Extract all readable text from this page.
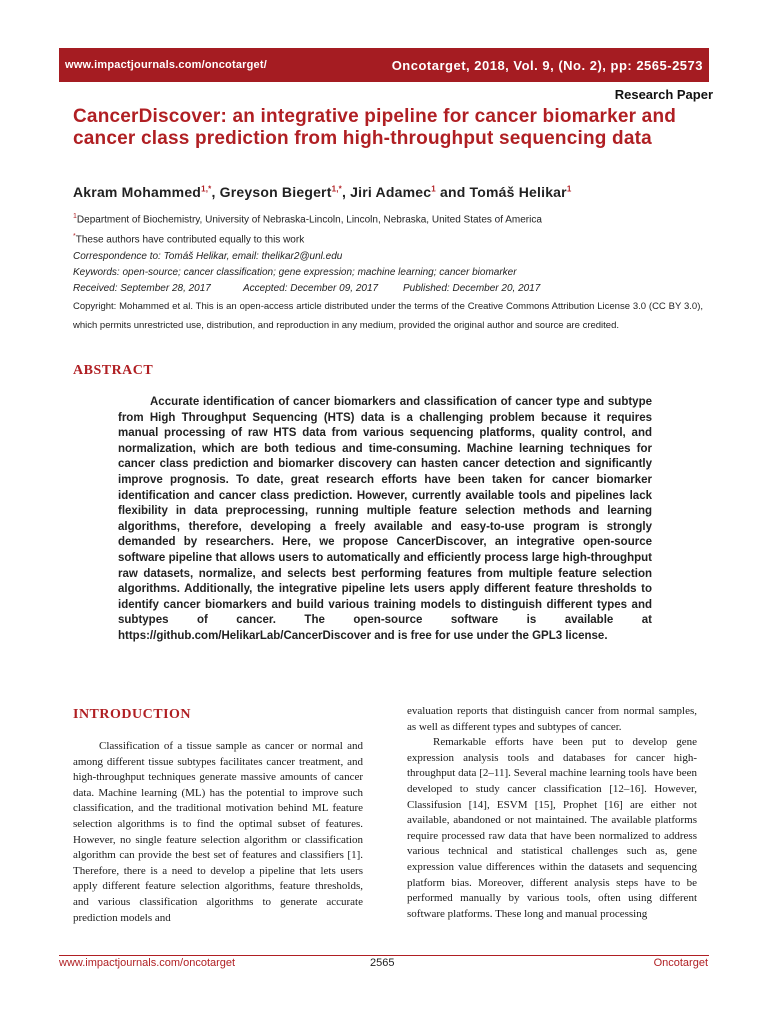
www.impactjournals.com/oncotarget/	Oncotarget, 2018, Vol. 9, (No. 2), pp: 2565-2573
Research Paper
CancerDiscover: an integrative pipeline for cancer biomarker and cancer class prediction from high-throughput sequencing data
Akram Mohammed$^{1,*}$, Greyson Biegert$^{1,*}$, Jiri Adamec$^1$ and Tomáš Helikar$^1$
$^1$Department of Biochemistry, University of Nebraska-Lincoln, Lincoln, Nebraska, United States of America
*These authors have contributed equally to this work
Correspondence to: Tomáš Helikar, email: thelikar2@unl.edu
Keywords: open-source; cancer classification; gene expression; machine learning; cancer biomarker
Received: September 28, 2017	Accepted: December 09, 2017	Published: December 20, 2017
Copyright: Mohammed et al. This is an open-access article distributed under the terms of the Creative Commons Attribution License 3.0 (CC BY 3.0), which permits unrestricted use, distribution, and reproduction in any medium, provided the original author and source are credited.
ABSTRACT
Accurate identification of cancer biomarkers and classification of cancer type and subtype from High Throughput Sequencing (HTS) data is a challenging problem because it requires manual processing of raw HTS data from various sequencing platforms, quality control, and normalization, which are both tedious and time-consuming. Machine learning techniques for cancer class prediction and biomarker discovery can hasten cancer detection and significantly improve prognosis. To date, great research efforts have been taken for cancer biomarker identification and cancer class prediction. However, currently available tools and pipelines lack flexibility in data preprocessing, running multiple feature selection methods and learning algorithms, therefore, developing a freely available and easy-to-use program is strongly demanded by researchers. Here, we propose CancerDiscover, an integrative open-source software pipeline that allows users to automatically and efficiently process large high-throughput raw datasets, normalize, and selects best performing features from multiple feature selection algorithms. Additionally, the integrative pipeline lets users apply different feature thresholds to identify cancer biomarkers and build various training models to distinguish different types and subtypes of cancer. The open-source software is available at https://github.com/HelikarLab/CancerDiscover and is free for use under the GPL3 license.
INTRODUCTION

Classification of a tissue sample as cancer or normal and among different tissue subtypes facilitates cancer treatment, and high-throughput techniques generate massive amounts of cancer data. Machine learning (ML) has the potential to improve such classification, and the traditional motivation behind ML feature selection algorithms is to find the optimal subset of features. However, no single feature selection algorithm or classification algorithm can provide the best set of features and classifiers [1]. Therefore, there is a need to develop a pipeline that lets users apply different feature selection algorithms, feature thresholds, and various classification algorithms to generate accurate prediction models and

evaluation reports that distinguish cancer from normal samples, as well as different types and subtypes of cancer.

Remarkable efforts have been put to develop gene expression analysis tools and databases for cancer high-throughput data [2–11]. Several machine learning tools have been developed to study cancer classification [12–16]. However, Classifusion [14], ESVM [15], Prophet [16] are either not available, abandoned or not maintained. The available platforms require processed raw data that have been normalized to address various technical and statistical challenges such as, gene expression value differences within the datasets and sequencing platform bias. Moreover, different analysis steps have to be performed manually by various tools, often using different software platforms. These long and manual processing

www.impactjournals.com/oncotarget	2565	Oncotarget
